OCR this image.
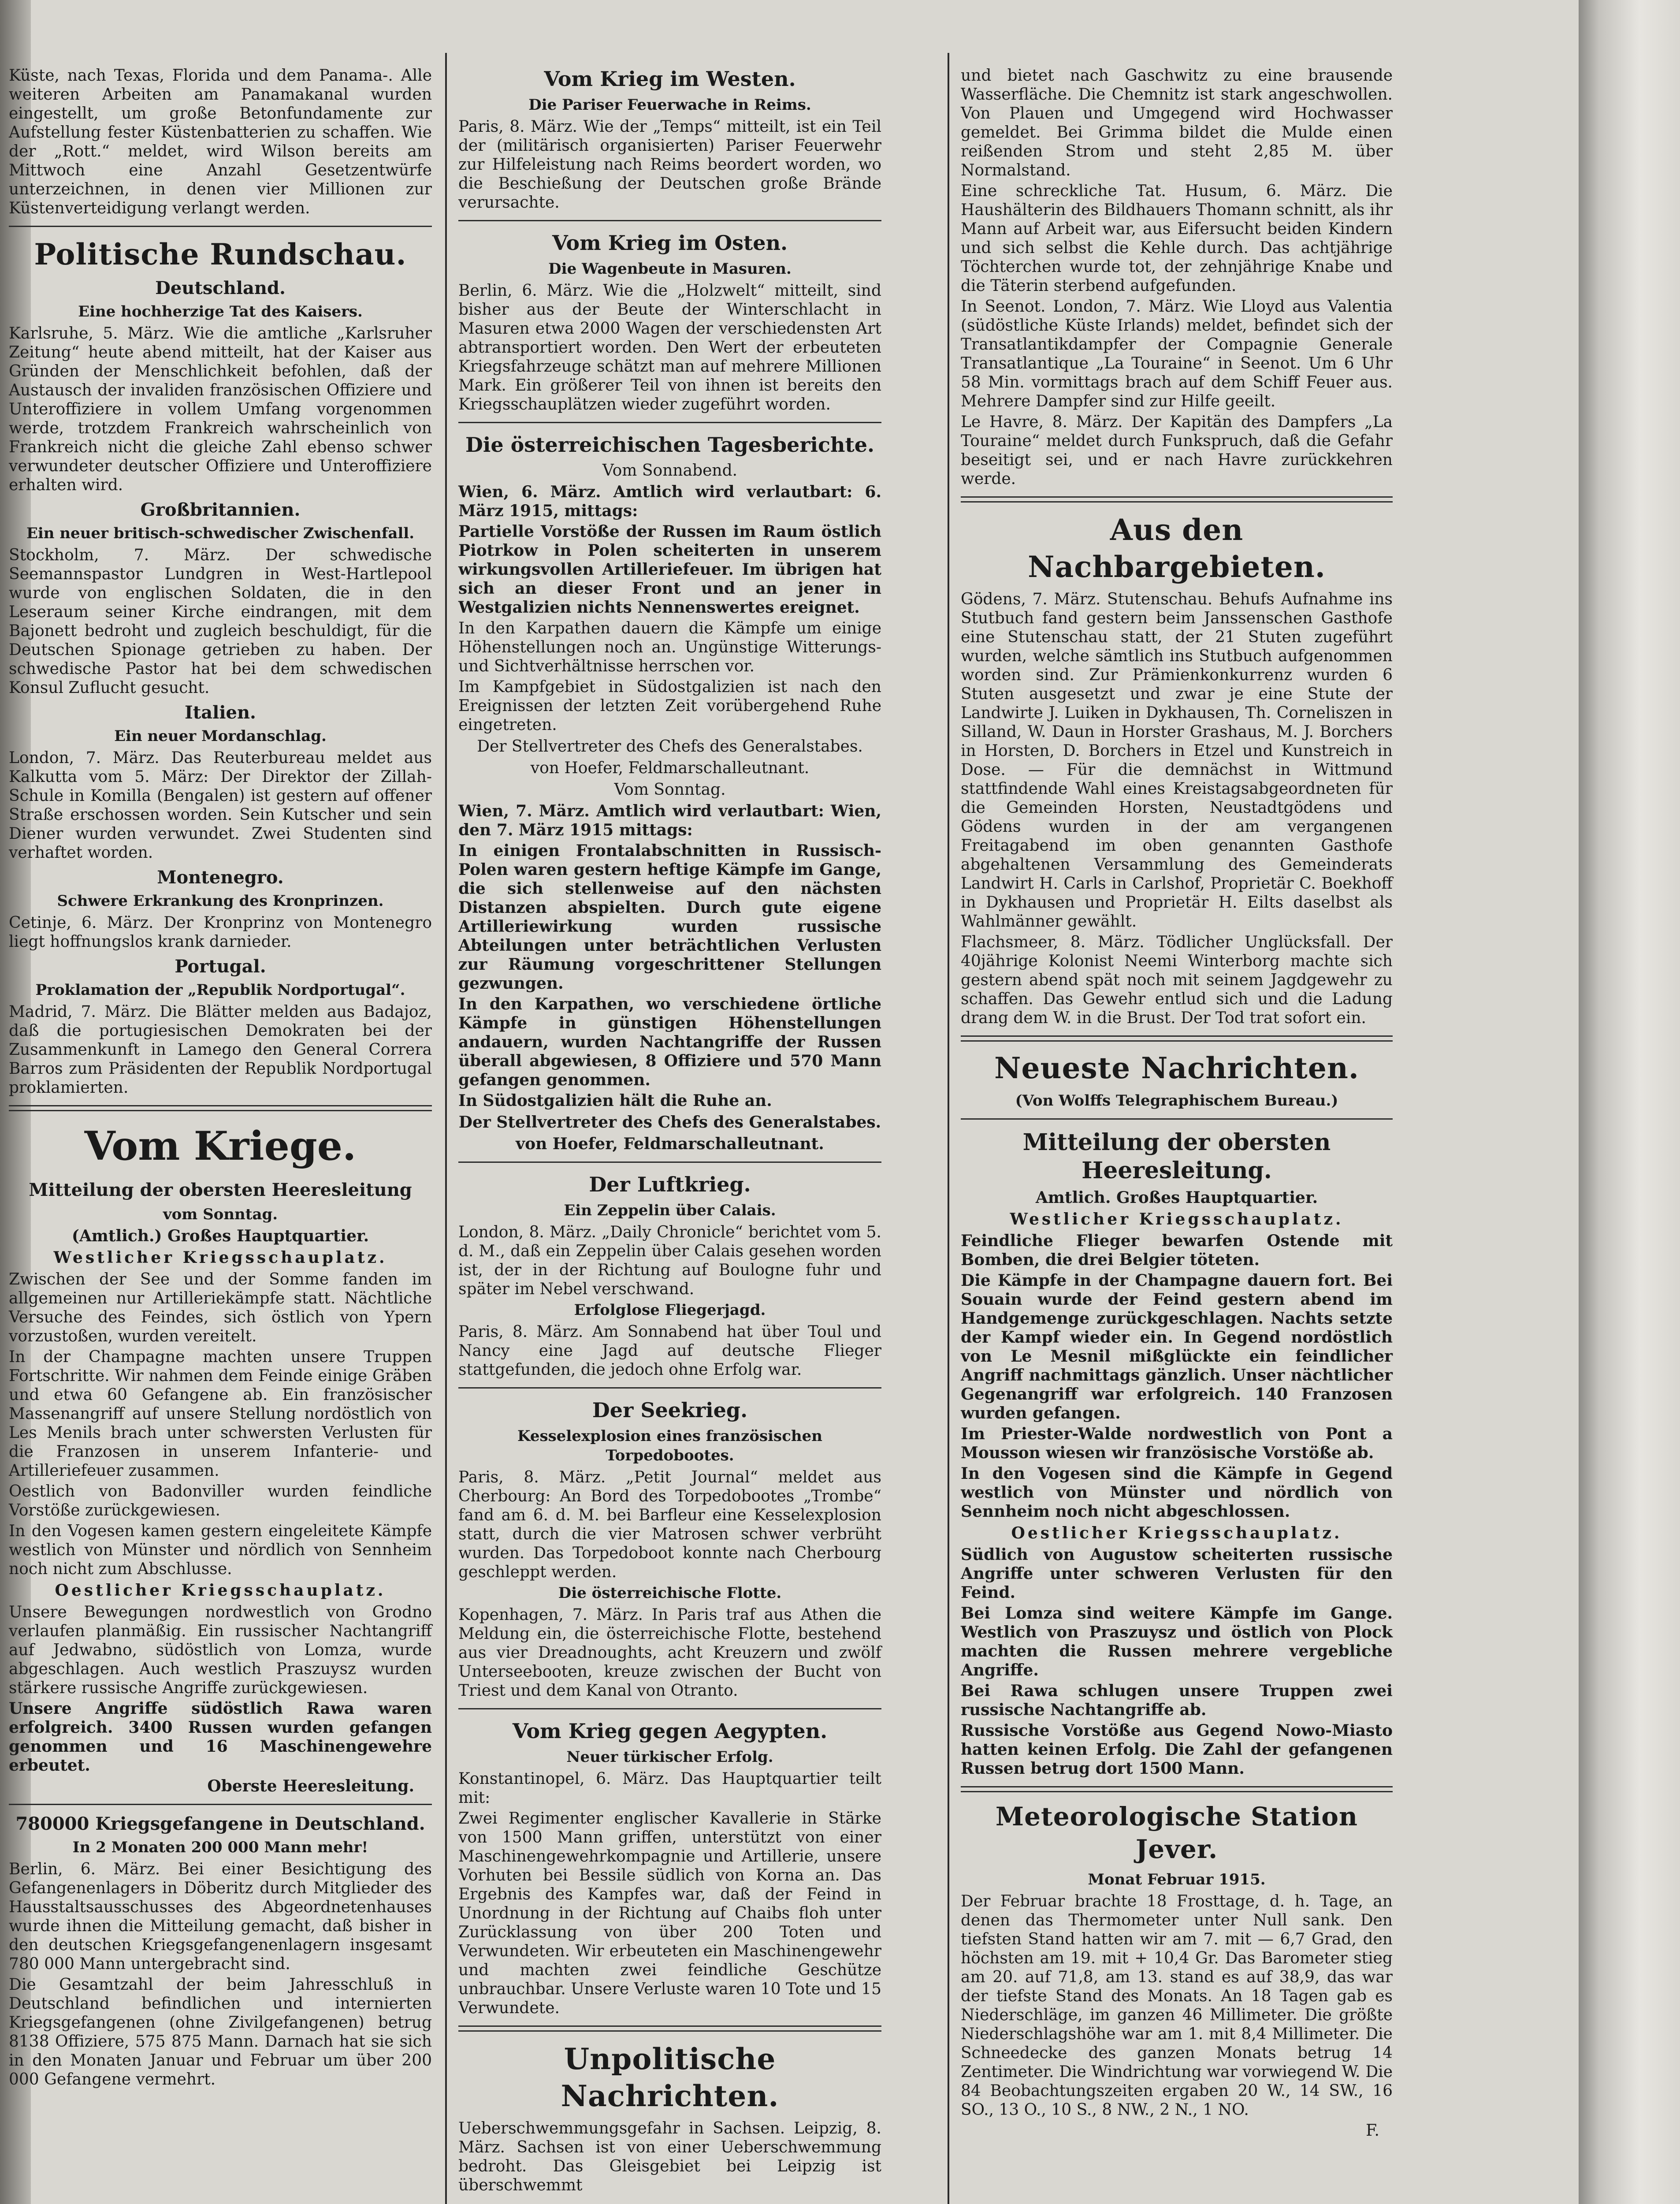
Küste, nach Texas, Florida und dem Panama-. Alle weiteren Arbeiten am Panamakanal wurden eingestellt, um große Betonfundamente zur Aufstellung fester Küstenbatterien zu schaffen. Wie der „Rott.“ meldet, wird Wilson bereits am Mittwoch eine Anzahl Gesetzentwürfe unterzeichnen, in denen vier Millionen zur Küstenverteidigung verlangt werden.

Politische Rundschau.
Deutschland.
Eine hochherzige Tat des Kaisers.

Karlsruhe, 5. März. Wie die amtliche „Karlsruher Zeitung“ heute abend mitteilt, hat der Kaiser aus Gründen der Menschlichkeit befohlen, daß der Austausch der invaliden französischen Offiziere und Unteroffiziere in vollem Umfang vorgenommen werde, trotzdem Frankreich wahrscheinlich von Frankreich nicht die gleiche Zahl ebenso schwer verwundeter deutscher Offiziere und Unteroffiziere erhalten wird.

Großbritannien.
Ein neuer britisch-schwedischer Zwischenfall.

Stockholm, 7. März. Der schwedische Seemannspastor Lundgren in West-Hartlepool wurde von englischen Soldaten, die in den Leseraum seiner Kirche eindrangen, mit dem Bajonett bedroht und zugleich beschuldigt, für die Deutschen Spionage getrieben zu haben. Der schwedische Pastor hat bei dem schwedischen Konsul Zuflucht gesucht.

Italien.
Ein neuer Mordanschlag.

London, 7. März. Das Reuterbureau meldet aus Kalkutta vom 5. März: Der Direktor der Zillah-Schule in Komilla (Bengalen) ist gestern auf offener Straße erschossen worden. Sein Kutscher und sein Diener wurden verwundet. Zwei Studenten sind verhaftet worden.

Montenegro.
Schwere Erkrankung des Kronprinzen.

Cetinje, 6. März. Der Kronprinz von Montenegro liegt hoffnungslos krank darnieder.

Portugal.
Proklamation der „Republik Nordportugal“.

Madrid, 7. März. Die Blätter melden aus Badajoz, daß die portugiesischen Demokraten bei der Zusammenkunft in Lamego den General Correra Barros zum Präsidenten der Republik Nordportugal proklamierten.

Vom Kriege.
Mitteilung der obersten Heeresleitung
vom Sonntag.
(Amtlich.) Großes Hauptquartier.
Westlicher Kriegsschauplatz.

Zwischen der See und der Somme fanden im allgemeinen nur Artilleriekämpfe statt. Nächtliche Versuche des Feindes, sich östlich von Ypern vorzustoßen, wurden vereitelt.

In der Champagne machten unsere Truppen Fortschritte. Wir nahmen dem Feinde einige Gräben und etwa 60 Gefangene ab. Ein französischer Massenangriff auf unsere Stellung nordöstlich von Les Menils brach unter schwersten Verlusten für die Franzosen in unserem Infanterie- und Artilleriefeuer zusammen.

Oestlich von Badonviller wurden feindliche Vorstöße zurückgewiesen.

In den Vogesen kamen gestern eingeleitete Kämpfe westlich von Münster und nördlich von Sennheim noch nicht zum Abschlusse.

Oestlicher Kriegsschauplatz.

Unsere Bewegungen nordwestlich von Grodno verlaufen planmäßig. Ein russischer Nachtangriff auf Jedwabno, südöstlich von Lomza, wurde abgeschlagen. Auch westlich Praszuysz wurden stärkere russische Angriffe zurückgewiesen.

Unsere Angriffe südöstlich Rawa waren erfolgreich. 3400 Russen wurden gefangen genommen und 16 Maschinengewehre erbeutet.

Oberste Heeresleitung.
780000 Kriegsgefangene in Deutschland.
In 2 Monaten 200 000 Mann mehr!

Berlin, 6. März. Bei einer Besichtigung des Gefangenenlagers in Döberitz durch Mitglieder des Hausstaltsausschusses des Abgeordnetenhauses wurde ihnen die Mitteilung gemacht, daß bisher in den deutschen Kriegsgefangenenlagern insgesamt 780 000 Mann untergebracht sind.

Die Gesamtzahl der beim Jahresschluß in Deutschland befindlichen und internierten Kriegsgefangenen (ohne Zivilgefangenen) betrug 8138 Offiziere, 575 875 Mann. Darnach hat sie sich in den Monaten Januar und Februar um über 200 000 Gefangene vermehrt.

Vom Krieg im Westen.
Die Pariser Feuerwache in Reims.

Paris, 8. März. Wie der „Temps“ mitteilt, ist ein Teil der (militärisch organisierten) Pariser Feuerwehr zur Hilfeleistung nach Reims beordert worden, wo die Beschießung der Deutschen große Brände verursachte.

Vom Krieg im Osten.
Die Wagenbeute in Masuren.

Berlin, 6. März. Wie die „Holzwelt“ mitteilt, sind bisher aus der Beute der Winterschlacht in Masuren etwa 2000 Wagen der verschiedensten Art abtransportiert worden. Den Wert der erbeuteten Kriegsfahrzeuge schätzt man auf mehrere Millionen Mark. Ein größerer Teil von ihnen ist bereits den Kriegsschauplätzen wieder zugeführt worden.

Die österreichischen Tagesberichte.
Vom Sonnabend.

Wien, 6. März. Amtlich wird verlautbart: 6. März 1915, mittags:

Partielle Vorstöße der Russen im Raum östlich Piotrkow in Polen scheiterten in unserem wirkungsvollen Artilleriefeuer. Im übrigen hat sich an dieser Front und an jener in Westgalizien nichts Nennenswertes ereignet.

In den Karpathen dauern die Kämpfe um einige Höhenstellungen noch an. Ungünstige Witterungs- und Sichtverhältnisse herrschen vor.

Im Kampfgebiet in Südostgalizien ist nach den Ereignissen der letzten Zeit vorübergehend Ruhe eingetreten.

Der Stellvertreter des Chefs des Generalstabes.
von Hoefer, Feldmarschalleutnant.
Vom Sonntag.

Wien, 7. März. Amtlich wird verlautbart: Wien, den 7. März 1915 mittags:

In einigen Frontalabschnitten in Russisch-Polen waren gestern heftige Kämpfe im Gange, die sich stellenweise auf den nächsten Distanzen abspielten. Durch gute eigene Artilleriewirkung wurden russische Abteilungen unter beträchtlichen Verlusten zur Räumung vorgeschrittener Stellungen gezwungen.

In den Karpathen, wo verschiedene örtliche Kämpfe in günstigen Höhenstellungen andauern, wurden Nachtangriffe der Russen überall abgewiesen, 8 Offiziere und 570 Mann gefangen genommen.

In Südostgalizien hält die Ruhe an.

Der Stellvertreter des Chefs des Generalstabes.
von Hoefer, Feldmarschalleutnant.
Der Luftkrieg.
Ein Zeppelin über Calais.

London, 8. März. „Daily Chronicle“ berichtet vom 5. d. M., daß ein Zeppelin über Calais gesehen worden ist, der in der Richtung auf Boulogne fuhr und später im Nebel verschwand.

Erfolglose Fliegerjagd.

Paris, 8. März. Am Sonnabend hat über Toul und Nancy eine Jagd auf deutsche Flieger stattgefunden, die jedoch ohne Erfolg war.

Der Seekrieg.
Kesselexplosion eines französischen Torpedobootes.

Paris, 8. März. „Petit Journal“ meldet aus Cherbourg: An Bord des Torpedobootes „Trombe“ fand am 6. d. M. bei Barfleur eine Kesselexplosion statt, durch die vier Matrosen schwer verbrüht wurden. Das Torpedoboot konnte nach Cherbourg geschleppt werden.

Die österreichische Flotte.

Kopenhagen, 7. März. In Paris traf aus Athen die Meldung ein, die österreichische Flotte, bestehend aus vier Dreadnoughts, acht Kreuzern und zwölf Unterseebooten, kreuze zwischen der Bucht von Triest und dem Kanal von Otranto.

Vom Krieg gegen Aegypten.
Neuer türkischer Erfolg.

Konstantinopel, 6. März. Das Hauptquartier teilt mit:

Zwei Regimenter englischer Kavallerie in Stärke von 1500 Mann griffen, unterstützt von einer Maschinengewehrkompagnie und Artillerie, unsere Vorhuten bei Bessile südlich von Korna an. Das Ergebnis des Kampfes war, daß der Feind in Unordnung in der Richtung auf Chaibs floh unter Zurücklassung von über 200 Toten und Verwundeten. Wir erbeuteten ein Maschinengewehr und machten zwei feindliche Geschütze unbrauchbar. Unsere Verluste waren 10 Tote und 15 Verwundete.

Unpolitische Nachrichten.

Ueberschwemmungsgefahr in Sachsen. Leipzig, 8. März. Sachsen ist von einer Ueberschwemmung bedroht. Das Gleisgebiet bei Leipzig ist überschwemmt

und bietet nach Gaschwitz zu eine brausende Wasserfläche. Die Chemnitz ist stark angeschwollen. Von Plauen und Umgegend wird Hochwasser gemeldet. Bei Grimma bildet die Mulde einen reißenden Strom und steht 2,85 M. über Normalstand.

Eine schreckliche Tat. Husum, 6. März. Die Haushälterin des Bildhauers Thomann schnitt, als ihr Mann auf Arbeit war, aus Eifersucht beiden Kindern und sich selbst die Kehle durch. Das achtjährige Töchterchen wurde tot, der zehnjährige Knabe und die Täterin sterbend aufgefunden.

In Seenot. London, 7. März. Wie Lloyd aus Valentia (südöstliche Küste Irlands) meldet, befindet sich der Transatlantikdampfer der Compagnie Generale Transatlantique „La Touraine“ in Seenot. Um 6 Uhr 58 Min. vormittags brach auf dem Schiff Feuer aus. Mehrere Dampfer sind zur Hilfe geeilt.

Le Havre, 8. März. Der Kapitän des Dampfers „La Touraine“ meldet durch Funkspruch, daß die Gefahr beseitigt sei, und er nach Havre zurückkehren werde.

Aus den Nachbargebieten.

Gödens, 7. März. Stutenschau. Behufs Aufnahme ins Stutbuch fand gestern beim Janssenschen Gasthofe eine Stutenschau statt, der 21 Stuten zugeführt wurden, welche sämtlich ins Stutbuch aufgenommen worden sind. Zur Prämienkonkurrenz wurden 6 Stuten ausgesetzt und zwar je eine Stute der Landwirte J. Luiken in Dykhausen, Th. Corneliszen in Silland, W. Daun in Horster Grashaus, M. J. Borchers in Horsten, D. Borchers in Etzel und Kunstreich in Dose. — Für die demnächst in Wittmund stattfindende Wahl eines Kreistagsabgeordneten für die Gemeinden Horsten, Neustadtgödens und Gödens wurden in der am vergangenen Freitagabend im oben genannten Gasthofe abgehaltenen Versammlung des Gemeinderats Landwirt H. Carls in Carlshof, Proprietär C. Boekhoff in Dykhausen und Proprietär H. Eilts daselbst als Wahlmänner gewählt.

Flachsmeer, 8. März. Tödlicher Unglücksfall. Der 40jährige Kolonist Neemi Winterborg machte sich gestern abend spät noch mit seinem Jagdgewehr zu schaffen. Das Gewehr entlud sich und die Ladung drang dem W. in die Brust. Der Tod trat sofort ein.

Neueste Nachrichten.
(Von Wolffs Telegraphischem Bureau.)
Mitteilung der obersten Heeresleitung.
Amtlich. Großes Hauptquartier.
Westlicher Kriegsschauplatz.

Feindliche Flieger bewarfen Ostende mit Bomben, die drei Belgier töteten.

Die Kämpfe in der Champagne dauern fort. Bei Souain wurde der Feind gestern abend im Handgemenge zurückgeschlagen. Nachts setzte der Kampf wieder ein. In Gegend nordöstlich von Le Mesnil mißglückte ein feindlicher Angriff nachmittags gänzlich. Unser nächtlicher Gegenangriff war erfolgreich. 140 Franzosen wurden gefangen.

Im Priester-Walde nordwestlich von Pont a Mousson wiesen wir französische Vorstöße ab.

In den Vogesen sind die Kämpfe in Gegend westlich von Münster und nördlich von Sennheim noch nicht abgeschlossen.

Oestlicher Kriegsschauplatz.

Südlich von Augustow scheiterten russische Angriffe unter schweren Verlusten für den Feind.

Bei Lomza sind weitere Kämpfe im Gange. Westlich von Praszuysz und östlich von Plock machten die Russen mehrere vergebliche Angriffe.

Bei Rawa schlugen unsere Truppen zwei russische Nachtangriffe ab.

Russische Vorstöße aus Gegend Nowo-Miasto hatten keinen Erfolg. Die Zahl der gefangenen Russen betrug dort 1500 Mann.

Meteorologische Station Jever.
Monat Februar 1915.

Der Februar brachte 18 Frosttage, d. h. Tage, an denen das Thermometer unter Null sank. Den tiefsten Stand hatten wir am 7. mit — 6,7 Grad, den höchsten am 19. mit + 10,4 Gr. Das Barometer stieg am 20. auf 71,8, am 13. stand es auf 38,9, das war der tiefste Stand des Monats. An 18 Tagen gab es Niederschläge, im ganzen 46 Millimeter. Die größte Niederschlagshöhe war am 1. mit 8,4 Millimeter. Die Schneedecke des ganzen Monats betrug 14 Zentimeter. Die Windrichtung war vorwiegend W. Die 84 Beobachtungszeiten ergaben 20 W., 14 SW., 16 SO., 13 O., 10 S., 8 NW., 2 N., 1 NO.

F.
